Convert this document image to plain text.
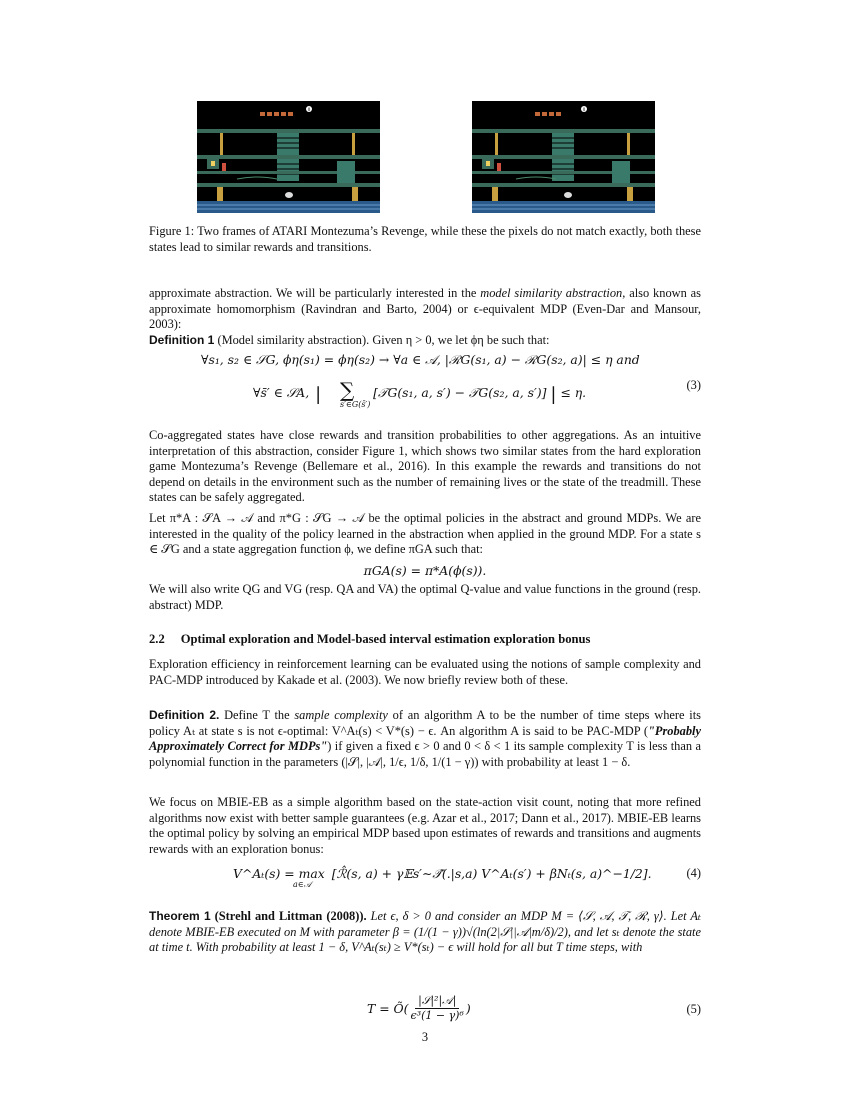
0	0

Figure 1: Two frames of ATARI Montezuma’s Revenge, while these the pixels do not match exactly, both these states lead to similar rewards and transitions.

approximate abstraction. We will be particularly interested in the model similarity abstraction, also known as approximate homomorphism (Ravindran and Barto, 2004) or ϵ-equivalent MDP (Even-Dar and Mansour, 2003):

Definition 1 (Model similarity abstraction). Given η > 0, we let ϕη be such that:

∀s₁, s₂ ∈ 𝒮G, ϕη(s₁) = ϕη(s₂) → ∀a ∈ 𝒜, |ℛG(s₁, a) − ℛG(s₂, a)| ≤ η and
∀s̄′ ∈ 𝒮A, | ∑
s′∈G(s̄′)
[𝒯G(s₁, a, s′) − 𝒯G(s₂, a, s′)] | ≤ η.	(3)

Co-aggregated states have close rewards and transition probabilities to other aggregations. As an intuitive interpretation of this abstraction, consider Figure 1, which shows two similar states from the hard exploration game Montezuma’s Revenge (Bellemare et al., 2016). In this example the rewards and transitions do not depend on details in the environment such as the number of remaining lives or the state of the treadmill. These states can be safely aggregated.

Let π*A : 𝒮A → 𝒜 and π*G : 𝒮G → 𝒜 be the optimal policies in the abstract and ground MDPs. We are interested in the quality of the policy learned in the abstraction when applied in the ground MDP. For a state s ∈ 𝒮G and a state aggregation function ϕ, we define πGA such that:

πGA(s) = π*A(ϕ(s)).

We will also write QG and VG (resp. QA and VA) the optimal Q-value and value functions in the ground (resp. abstract) MDP.

2.2 Optimal exploration and Model-based interval estimation exploration bonus

Exploration efficiency in reinforcement learning can be evaluated using the notions of sample complexity and PAC-MDP introduced by Kakade et al. (2003). We now briefly review both of these.

Definition 2. Define T the sample complexity of an algorithm A to be the number of time steps where its policy Aₜ at state s is not ϵ-optimal: V^Aₜ(s) < V*(s) − ϵ. An algorithm A is said to be PAC-MDP ("Probably Approximately Correct for MDPs") if given a fixed ϵ > 0 and 0 < δ < 1 its sample complexity T is less than a polynomial function in the parameters (|𝒮|, |𝒜|, 1/ϵ, 1/δ, 1/(1 − γ)) with probability at least 1 − δ.

We focus on MBIE-EB as a simple algorithm based on the state-action visit count, noting that more refined algorithms now exist with better sample guarantees (e.g. Azar et al., 2017; Dann et al., 2017). MBIE-EB learns the optimal policy by solving an empirical MDP based upon estimates of rewards and transitions and augments rewards with an exploration bonus:

V^Aₜ(s) = max
a∈𝒜
[ℛ̂(s, a) + γ𝔼s′∼𝒯̂(.|s,a) V^Aₜ(s′) + βNₜ(s, a)^−1/2].	(4)

Theorem 1 (Strehl and Littman (2008)). Let ϵ, δ > 0 and consider an MDP M = ⟨𝒮, 𝒜, 𝒯, ℛ, γ⟩. Let Aₜ denote MBIE-EB executed on M with parameter β = (1/(1 − γ))√(ln(2|𝒮||𝒜|m/δ)/2), and let sₜ denote the state at time t. With probability at least 1 − δ, V^Aₜ(sₜ) ≥ V*(sₜ) − ϵ will hold for all but T time steps, with

T = Õ( |𝒮|²|𝒜|
ϵ³(1 − γ)⁶ )	(5)
3
